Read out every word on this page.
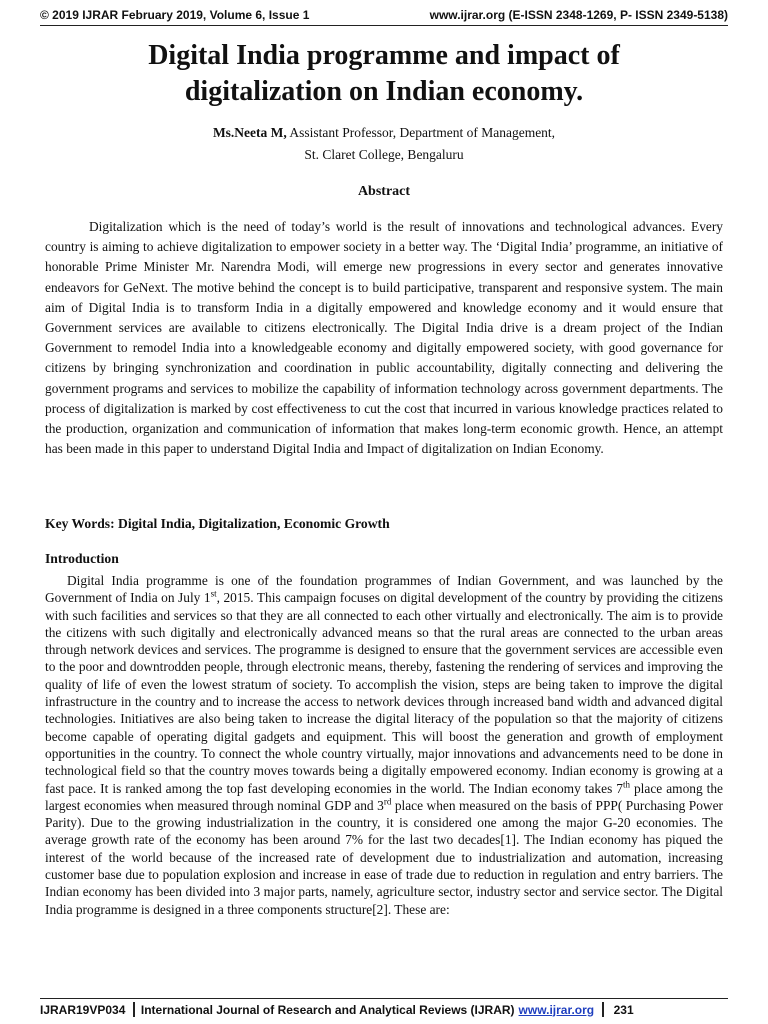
© 2019 IJRAR February 2019, Volume 6, Issue 1	www.ijrar.org (E-ISSN 2348-1269, P- ISSN 2349-5138)
Digital India programme and impact of
digitalization on Indian economy.
Ms.Neeta M, Assistant Professor, Department of Management,
St. Claret College, Bengaluru
Abstract

Digitalization which is the need of today’s world is the result of innovations and technological advances. Every country is aiming to achieve digitalization to empower society in a better way. The ‘Digital India’ programme, an initiative of honorable Prime Minister Mr. Narendra Modi, will emerge new progressions in every sector and generates innovative endeavors for GeNext. The motive behind the concept is to build participative, transparent and responsive system. The main aim of Digital India is to transform India in a digitally empowered and knowledge economy and it would ensure that Government services are available to citizens electronically. The Digital India drive is a dream project of the Indian Government to remodel India into a knowledgeable economy and digitally empowered society, with good governance for citizens by bringing synchronization and coordination in public accountability, digitally connecting and delivering the government programs and services to mobilize the capability of information technology across government departments. The process of digitalization is marked by cost effectiveness to cut the cost that incurred in various knowledge practices related to the production, organization and communication of information that makes long-term economic growth. Hence, an attempt has been made in this paper to understand Digital India and Impact of digitalization on Indian Economy.

Key Words: Digital India, Digitalization, Economic Growth
Introduction

Digital India programme is one of the foundation programmes of Indian Government, and was launched by the Government of India on July 1st, 2015. This campaign focuses on digital development of the country by providing the citizens with such facilities and services so that they are all connected to each other virtually and electronically. The aim is to provide the citizens with such digitally and electronically advanced means so that the rural areas are connected to the urban areas through network devices and services. The programme is designed to ensure that the government services are accessible even to the poor and downtrodden people, through electronic means, thereby, fastening the rendering of services and improving the quality of life of even the lowest stratum of society. To accomplish the vision, steps are being taken to improve the digital infrastructure in the country and to increase the access to network devices through increased band width and advanced digital technologies. Initiatives are also being taken to increase the digital literacy of the population so that the majority of citizens become capable of operating digital gadgets and equipment. This will boost the generation and growth of employment opportunities in the country. To connect the whole country virtually, major innovations and advancements need to be done in technological field so that the country moves towards being a digitally empowered economy. Indian economy is growing at a fast pace. It is ranked among the top fast developing economies in the world. The Indian economy takes 7th place among the largest economies when measured through nominal GDP and 3rd place when measured on the basis of PPP( Purchasing Power Parity). Due to the growing industrialization in the country, it is considered one among the major G-20 economies. The average growth rate of the economy has been around 7% for the last two decades[1]. The Indian economy has piqued the interest of the world because of the increased rate of development due to industrialization and automation, increasing customer base due to population explosion and increase in ease of trade due to reduction in regulation and entry barriers. The Indian economy has been divided into 3 major parts, namely, agriculture sector, industry sector and service sector. The Digital India programme is designed in a three components structure[2]. These are:

IJRAR19VP034 International Journal of Research and Analytical Reviews (IJRAR) www.ijrar.org 231
